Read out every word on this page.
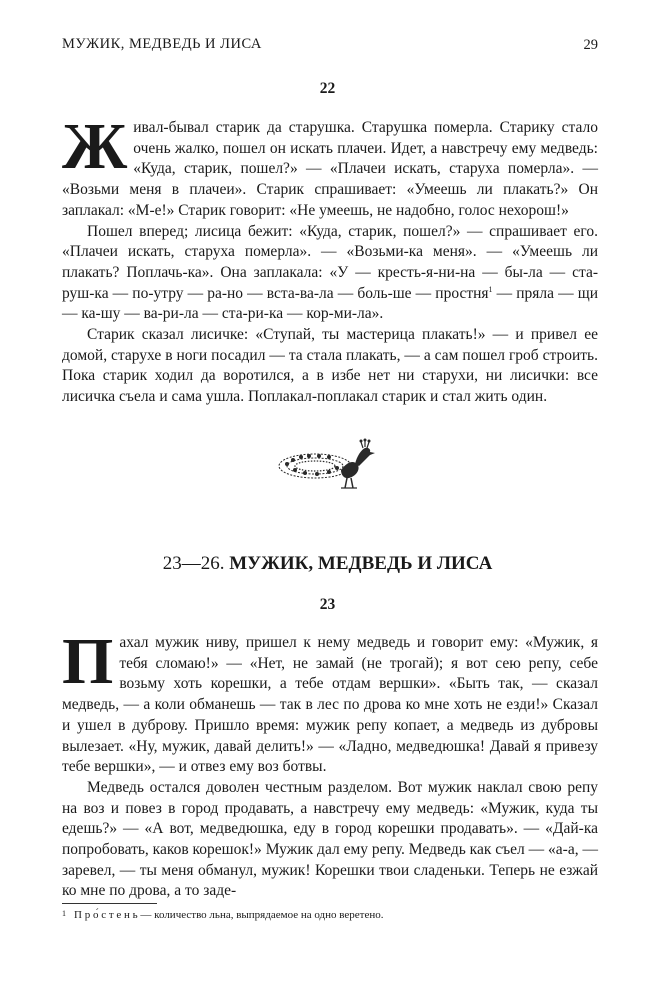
МУЖИК, МЕДВЕДЬ И ЛИСА	29
22

Живал-бывал старик да старушка. Старушка померла. Старику стало очень жалко, пошел он искать плачеи. Идет, а навстречу ему медведь: «Куда, старик, пошел?» — «Плачеи искать, старуха померла». — «Возьми меня в плачеи». Старик спрашивает: «Умеешь ли плакать?» Он заплакал: «М-е!» Старик говорит: «Не умеешь, не надобно, голос нехорош!»

Пошел вперед; лисица бежит: «Куда, старик, пошел?» — спрашивает его. «Плачеи искать, старуха померла». — «Возьми-ка меня». — «Умеешь ли плакать? Поплачь-ка». Она заплакала: «У — кресть-я-ни-на — бы-ла — ста-руш-ка — по-утру — ра-но — вста-ва-ла — боль-ше — простня$^1$ — пряла — щи — ка-шу — ва-ри-ла — ста-ри-ка — кор-ми-ла».

Старик сказал лисичке: «Ступай, ты мастерица плакать!» — и привел ее домой, старухе в ноги посадил — та стала плакать, — а сам пошел гроб строить. Пока старик ходил да воротился, а в избе нет ни старухи, ни лисички: все лисичка съела и сама ушла. Поплакал-поплакал старик и стал жить один.

23—26. МУЖИК, МЕДВЕДЬ И ЛИСА
23

Пахал мужик ниву, пришел к нему медведь и говорит ему: «Мужик, я тебя сломаю!» — «Нет, не замай (не трогай); я вот сею репу, себе возьму хоть корешки, а тебе отдам вершки». «Быть так, — сказал медведь, — а коли обманешь — так в лес по дрова ко мне хоть не езди!» Сказал и ушел в дуброву. Пришло время: мужик репу копает, а медведь из дубровы вылезает. «Ну, мужик, давай делить!» — «Ладно, медведюшка! Давай я привезу тебе вершки», — и отвез ему воз ботвы.

Медведь остался доволен честным разделом. Вот мужик наклал свою репу на воз и повез в город продавать, а навстречу ему медведь: «Мужик, куда ты едешь?» — «А вот, медведюшка, еду в город корешки продавать». — «Дай-ка попробовать, каков корешок!» Мужик дал ему репу. Медведь как съел — «а-а, — заревел, — ты меня обманул, мужик! Корешки твои сладеньки. Теперь не езжай ко мне по дрова, а то заде-

$^1$ П р о́ с т е н ь — количество льна, выпрядаемое на одно веретено.
